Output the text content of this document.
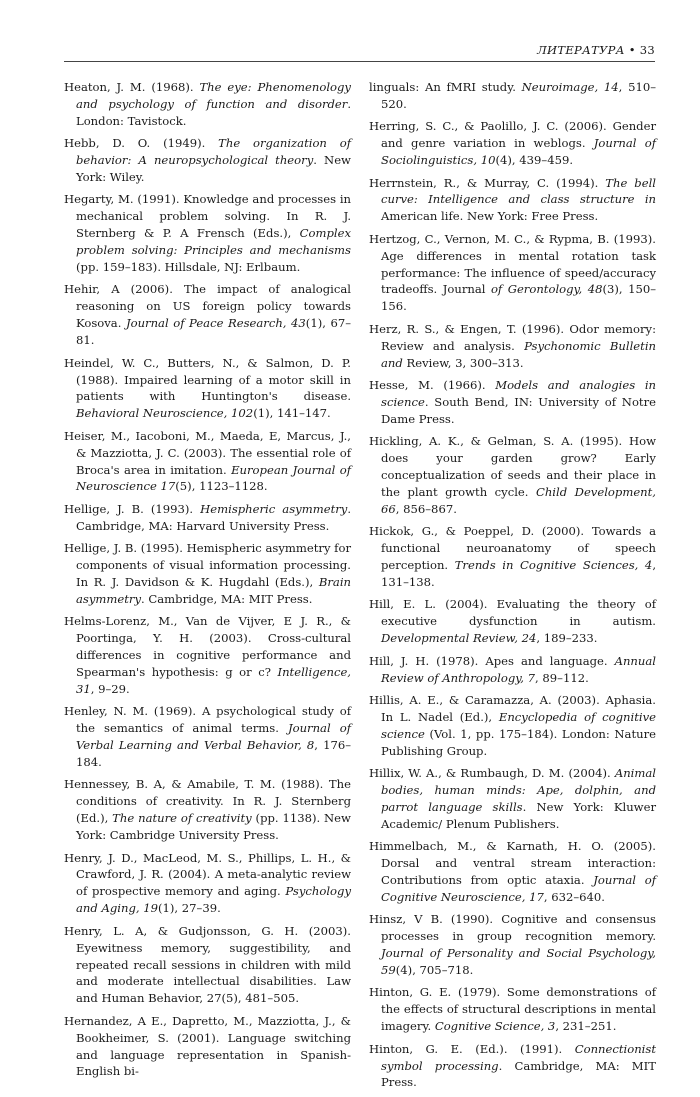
ЛИТЕРАТУРА • 33

Heaton, J. M. (1968). The eye: Phenomenology and psychology of function and disorder. London: Tavistock.

Hebb, D. O. (1949). The organization of behavior: A neuropsychological theory. New York: Wiley.

Hegarty, M. (1991). Knowledge and processes in mechanical problem solving. In R. J. Sternberg & P. A Frensch (Eds.), Complex problem solving: Principles and mechanisms (pp. 159–183). Hillsdale, NJ: Erlbaum.

Hehir, A (2006). The impact of analogical reasoning on US foreign policy towards Kosova. Journal of Peace Research, 43(1), 67–81.

Heindel, W. C., Butters, N., & Salmon, D. P. (1988). Impaired learning of a motor skill in patients with Huntington's disease. Behavioral Neuroscience, 102(1), 141–147.

Heiser, M., Iacoboni, M., Maeda, E, Marcus, J., & Mazziotta, J. C. (2003). The essential role of Broca's area in imitation. European Journal of Neuroscience 17(5), 1123–1128.

Hellige, J. B. (1993). Hemispheric asymmetry. Cambridge, MA: Harvard University Press.

Hellige, J. B. (1995). Hemispheric asymmetry for components of visual information processing. In R. J. Davidson & K. Hugdahl (Eds.), Brain asymmetry. Cambridge, MA: MIT Press.

Helms-Lorenz, M., Van de Vijver, E J. R., & Poortinga, Y. H. (2003). Cross-cultural differences in cognitive performance and Spearman's hypothesis: g or c? Intelligence, 31, 9–29.

Henley, N. M. (1969). A psychological study of the semantics of animal terms. Journal of Verbal Learning and Verbal Behavior, 8, 176–184.

Hennessey, B. A, & Amabile, T. M. (1988). The conditions of creativity. In R. J. Sternberg (Ed.), The nature of creativity (pp. 1138). New York: Cambridge University Press.

Henry, J. D., MacLeod, M. S., Phillips, L. H., & Crawford, J. R. (2004). A meta-analytic review of prospective memory and aging. Psychology and Aging, 19(1), 27–39.

Henry, L. A, & Gudjonsson, G. H. (2003). Eyewitness memory, suggestibility, and repeated recall sessions in children with mild and moderate intellectual disabilities. Law and Human Behavior, 27(5), 481–505.

Hernandez, A E., Dapretto, M., Mazziotta, J., & Bookheimer, S. (2001). Language switching and language representation in Spanish-English bi-

linguals: An fMRI study. Neuroimage, 14, 510–520.

Herring, S. C., & Paolillo, J. C. (2006). Gender and genre variation in weblogs. Journal of Sociolinguistics, 10(4), 439–459.

Herrnstein, R., & Murray, C. (1994). The bell curve: Intelligence and class structure in American life. New York: Free Press.

Hertzog, C., Vernon, M. C., & Rypma, B. (1993). Age differences in mental rotation task performance: The influence of speed/accuracy tradeoffs. Journal of Gerontology, 48(3), 150–156.

Herz, R. S., & Engen, T. (1996). Odor memory: Review and analysis. Psychonomic Bulletin and Review, 3, 300–313.

Hesse, M. (1966). Models and analogies in science. South Bend, IN: University of Notre Dame Press.

Hickling, A. K., & Gelman, S. A. (1995). How does your garden grow? Early conceptualization of seeds and their place in the plant growth cycle. Child Development, 66, 856–867.

Hickok, G., & Poeppel, D. (2000). Towards a functional neuroanatomy of speech perception. Trends in Cognitive Sciences, 4, 131–138.

Hill, E. L. (2004). Evaluating the theory of executive dysfunction in autism. Developmental Review, 24, 189–233.

Hill, J. H. (1978). Apes and language. Annual Review of Anthropology, 7, 89–112.

Hillis, A. E., & Caramazza, A. (2003). Aphasia. In L. Nadel (Ed.), Encyclopedia of cognitive science (Vol. 1, pp. 175–184). London: Nature Publishing Group.

Hillix, W. A., & Rumbaugh, D. M. (2004). Animal bodies, human minds: Ape, dolphin, and parrot language skills. New York: Kluwer Academic/ Plenum Publishers.

Himmelbach, M., & Karnath, H. O. (2005). Dorsal and ventral stream interaction: Contributions from optic ataxia. Journal of Cognitive Neuroscience, 17, 632–640.

Hinsz, V B. (1990). Cognitive and consensus processes in group recognition memory. Journal of Personality and Social Psychology, 59(4), 705–718.

Hinton, G. E. (1979). Some demonstrations of the effects of structural descriptions in mental imagery. Cognitive Science, 3, 231–251.

Hinton, G. E. (Ed.). (1991). Connectionist symbol processing. Cambridge, MA: MIT Press.
